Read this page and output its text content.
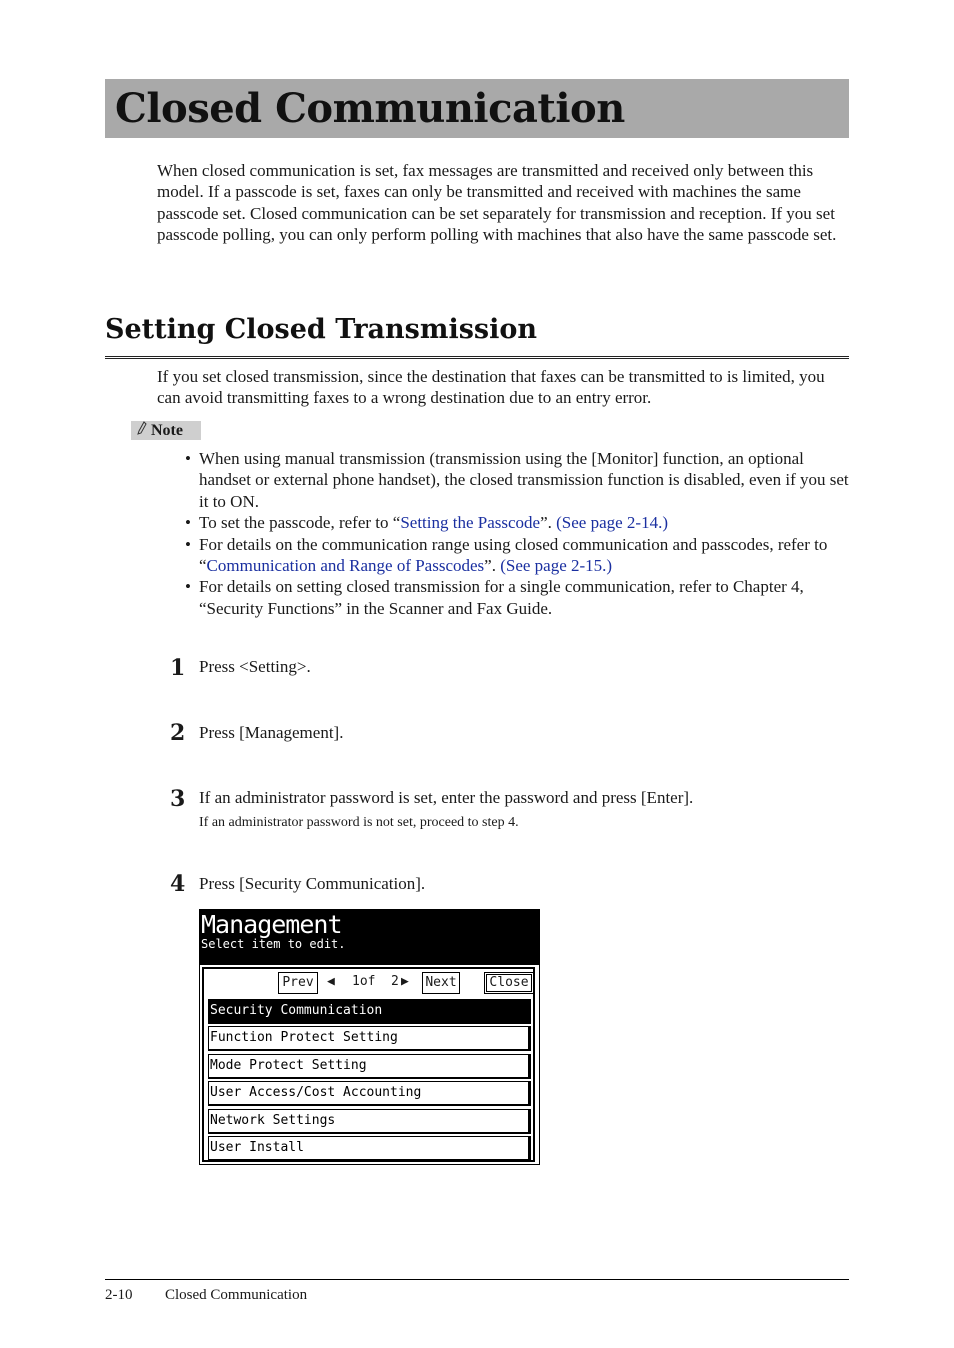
Closed Communication

When closed communication is set, fax messages are transmitted and received only between this model. If a passcode is set, faxes can only be transmitted and received with machines the same passcode set. Closed communication can be set separately for transmission and reception. If you set passcode polling, you can only perform polling with machines that also have the same passcode set.

Setting Closed Transmission

If you set closed transmission, since the destination that faxes can be transmitted to is limited, you can avoid transmitting faxes to a wrong destination due to an entry error.

Note
• When using manual transmission (transmission using the [Monitor] function, an optional handset or external phone handset), the closed transmission function is disabled, even if you set it to ON.
• To set the passcode, refer to “Setting the Passcode”. (See page 2-14.)
• For details on the communication range using closed communication and passcodes, refer to “Communication and Range of Passcodes”. (See page 2-15.)
• For details on setting closed transmission for a single communication, refer to Chapter 4, “Security Functions” in the Scanner and Fax Guide.
1 Press <Setting>.
2 Press [Management].
3 If an administrator password is set, enter the password and press [Enter].
If an administrator password is not set, proceed to step 4.
4 Press [Security Communication].
Management
Select item to edit.
Prev	◀ 1of 2 ▶ Next	Close
Security Communication
Function Protect Setting
Mode Protect Setting
User Access/Cost Accounting
Network Settings
User Install
2-10 Closed Communication
